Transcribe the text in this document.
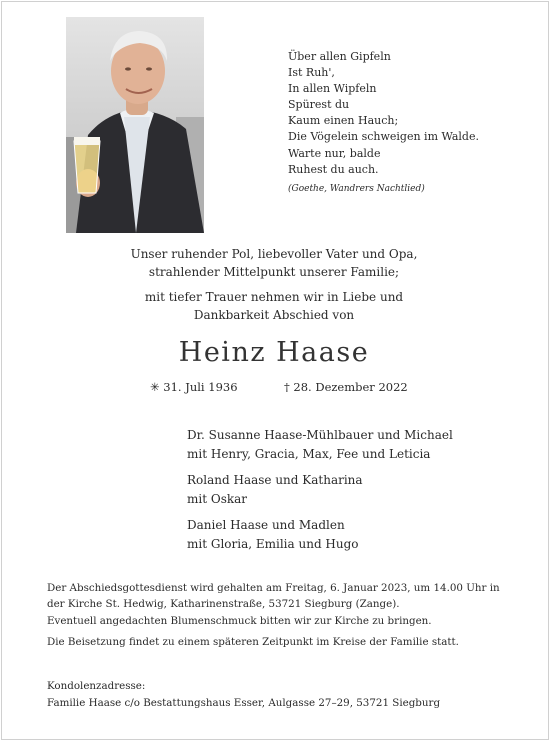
Über allen Gipfeln
Ist Ruh',
In allen Wipfeln
Spürest du
Kaum einen Hauch;
Die Vögelein schweigen im Walde.
Warte nur, balde
Ruhest du auch.
(Goethe, Wandrers Nachtlied)
Unser ruhender Pol, liebevoller Vater und Opa,
strahlender Mittelpunkt unserer Familie;
mit tiefer Trauer nehmen wir in Liebe und
Dankbarkeit Abschied von
Heinz Haase
✳ 31. Juli 1936	† 28. Dezember 2022
Dr. Susanne Haase-Mühlbauer und Michael
mit Henry, Gracia, Max, Fee und Leticia
Roland Haase und Katharina
mit Oskar
Daniel Haase und Madlen
mit Gloria, Emilia und Hugo
Der Abschiedsgottesdienst wird gehalten am Freitag, 6. Januar 2023, um 14.00 Uhr in
der Kirche St. Hedwig, Katharinenstraße, 53721 Siegburg (Zange).
Eventuell angedachten Blumenschmuck bitten wir zur Kirche zu bringen.
Die Beisetzung findet zu einem späteren Zeitpunkt im Kreise der Familie statt.
Kondolenzadresse:
Familie Haase c/o Bestattungshaus Esser, Aulgasse 27–29, 53721 Siegburg
